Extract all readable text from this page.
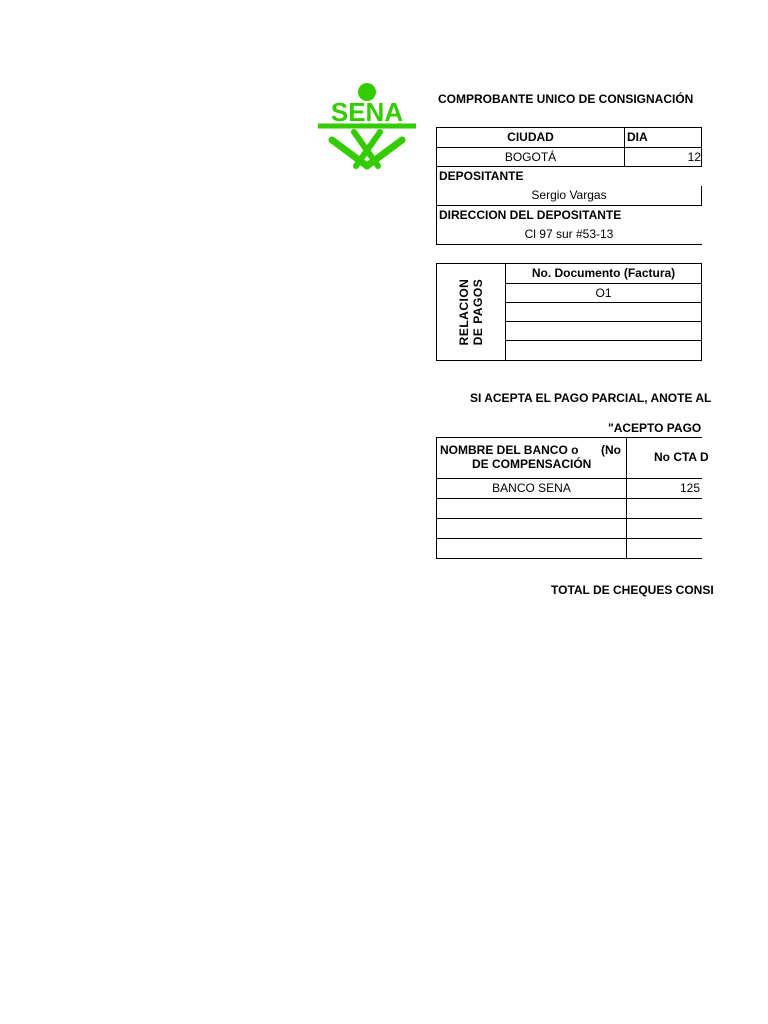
SENA	COMPROBANTE UNICO DE CONSIGNACIÓN
CIUDAD	DIA
BOGOTÁ	12
DEPOSITANTE
Sergio Vargas
DIRECCION DEL DEPOSITANTE
Cl 97 sur #53-13
RELACION DE PAGOS
No. Documento (Factura)
O1
SI ACEPTA EL PAGO PARCIAL, ANOTE AL
"ACEPTO PAGO
NOMBRE DEL BANCO o (No
DE COMPENSACIÓN	No CTA D
BANCO SENA	125
TOTAL DE CHEQUES CONSI
